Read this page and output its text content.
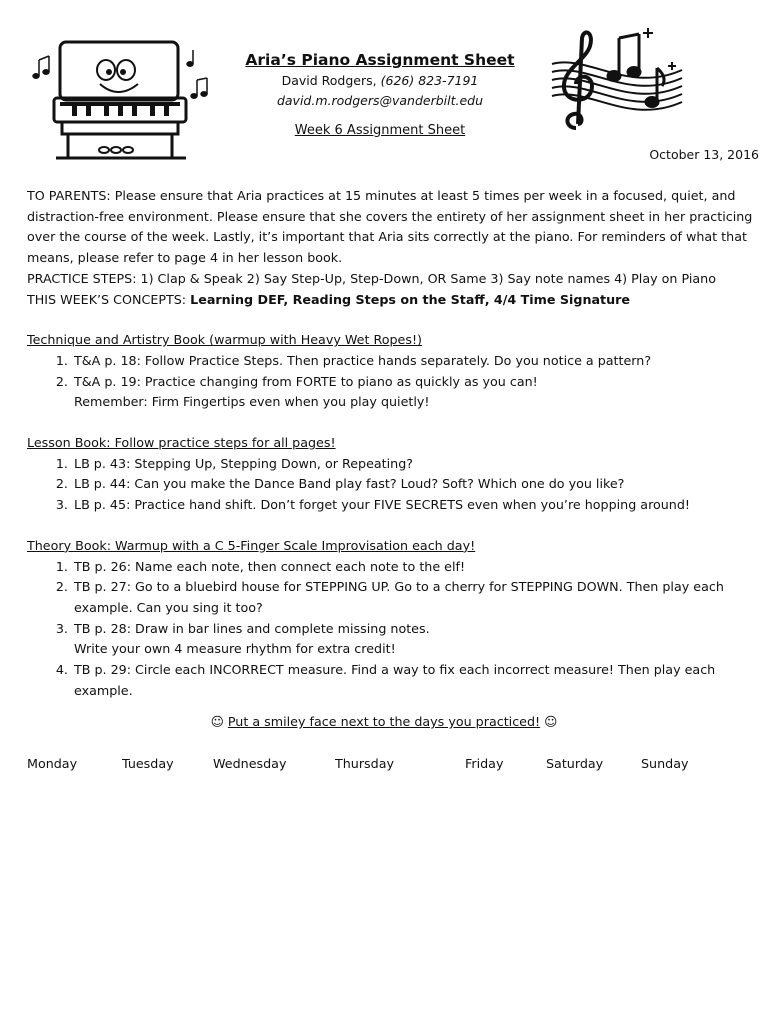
Aria’s Piano Assignment Sheet
David Rodgers, (626) 823-7191
david.m.rodgers@vanderbilt.edu
Week 6 Assignment Sheet
October 13, 2016

TO PARENTS: Please ensure that Aria practices at 15 minutes at least 5 times per week in a focused, quiet, and distraction-free environment. Please ensure that she covers the entirety of her assignment sheet in her practicing over the course of the week. Lastly, it’s important that Aria sits correctly at the piano. For reminders of what that means, please refer to page 4 in her lesson book.

PRACTICE STEPS: 1) Clap & Speak 2) Say Step-Up, Step-Down, OR Same 3) Say note names 4) Play on Piano

THIS WEEK’S CONCEPTS: Learning DEF, Reading Steps on the Staff, 4/4 Time Signature

Technique and Artistry Book (warmup with Heavy Wet Ropes!)
1. T&A p. 18: Follow Practice Steps. Then practice hands separately. Do you notice a pattern?
2. T&A p. 19: Practice changing from FORTE to piano as quickly as you can!
Remember: Firm Fingertips even when you play quietly!
Lesson Book: Follow practice steps for all pages!
1. LB p. 43: Stepping Up, Stepping Down, or Repeating?
2. LB p. 44: Can you make the Dance Band play fast? Loud? Soft? Which one do you like?
3. LB p. 45: Practice hand shift. Don’t forget your FIVE SECRETS even when you’re hopping around!
Theory Book: Warmup with a C 5-Finger Scale Improvisation each day!
1. TB p. 26: Name each note, then connect each note to the elf!
2. TB p. 27: Go to a bluebird house for STEPPING UP. Go to a cherry for STEPPING DOWN. Then play each example. Can you sing it too?
3. TB p. 28: Draw in bar lines and complete missing notes.
Write your own 4 measure rhythm for extra credit!
4. TB p. 29: Circle each INCORRECT measure. Find a way to fix each incorrect measure! Then play each example.
☺ Put a smiley face next to the days you practiced! ☺
Monday	Tuesday	Wednesday	Thursday	Friday	Saturday	Sunday
